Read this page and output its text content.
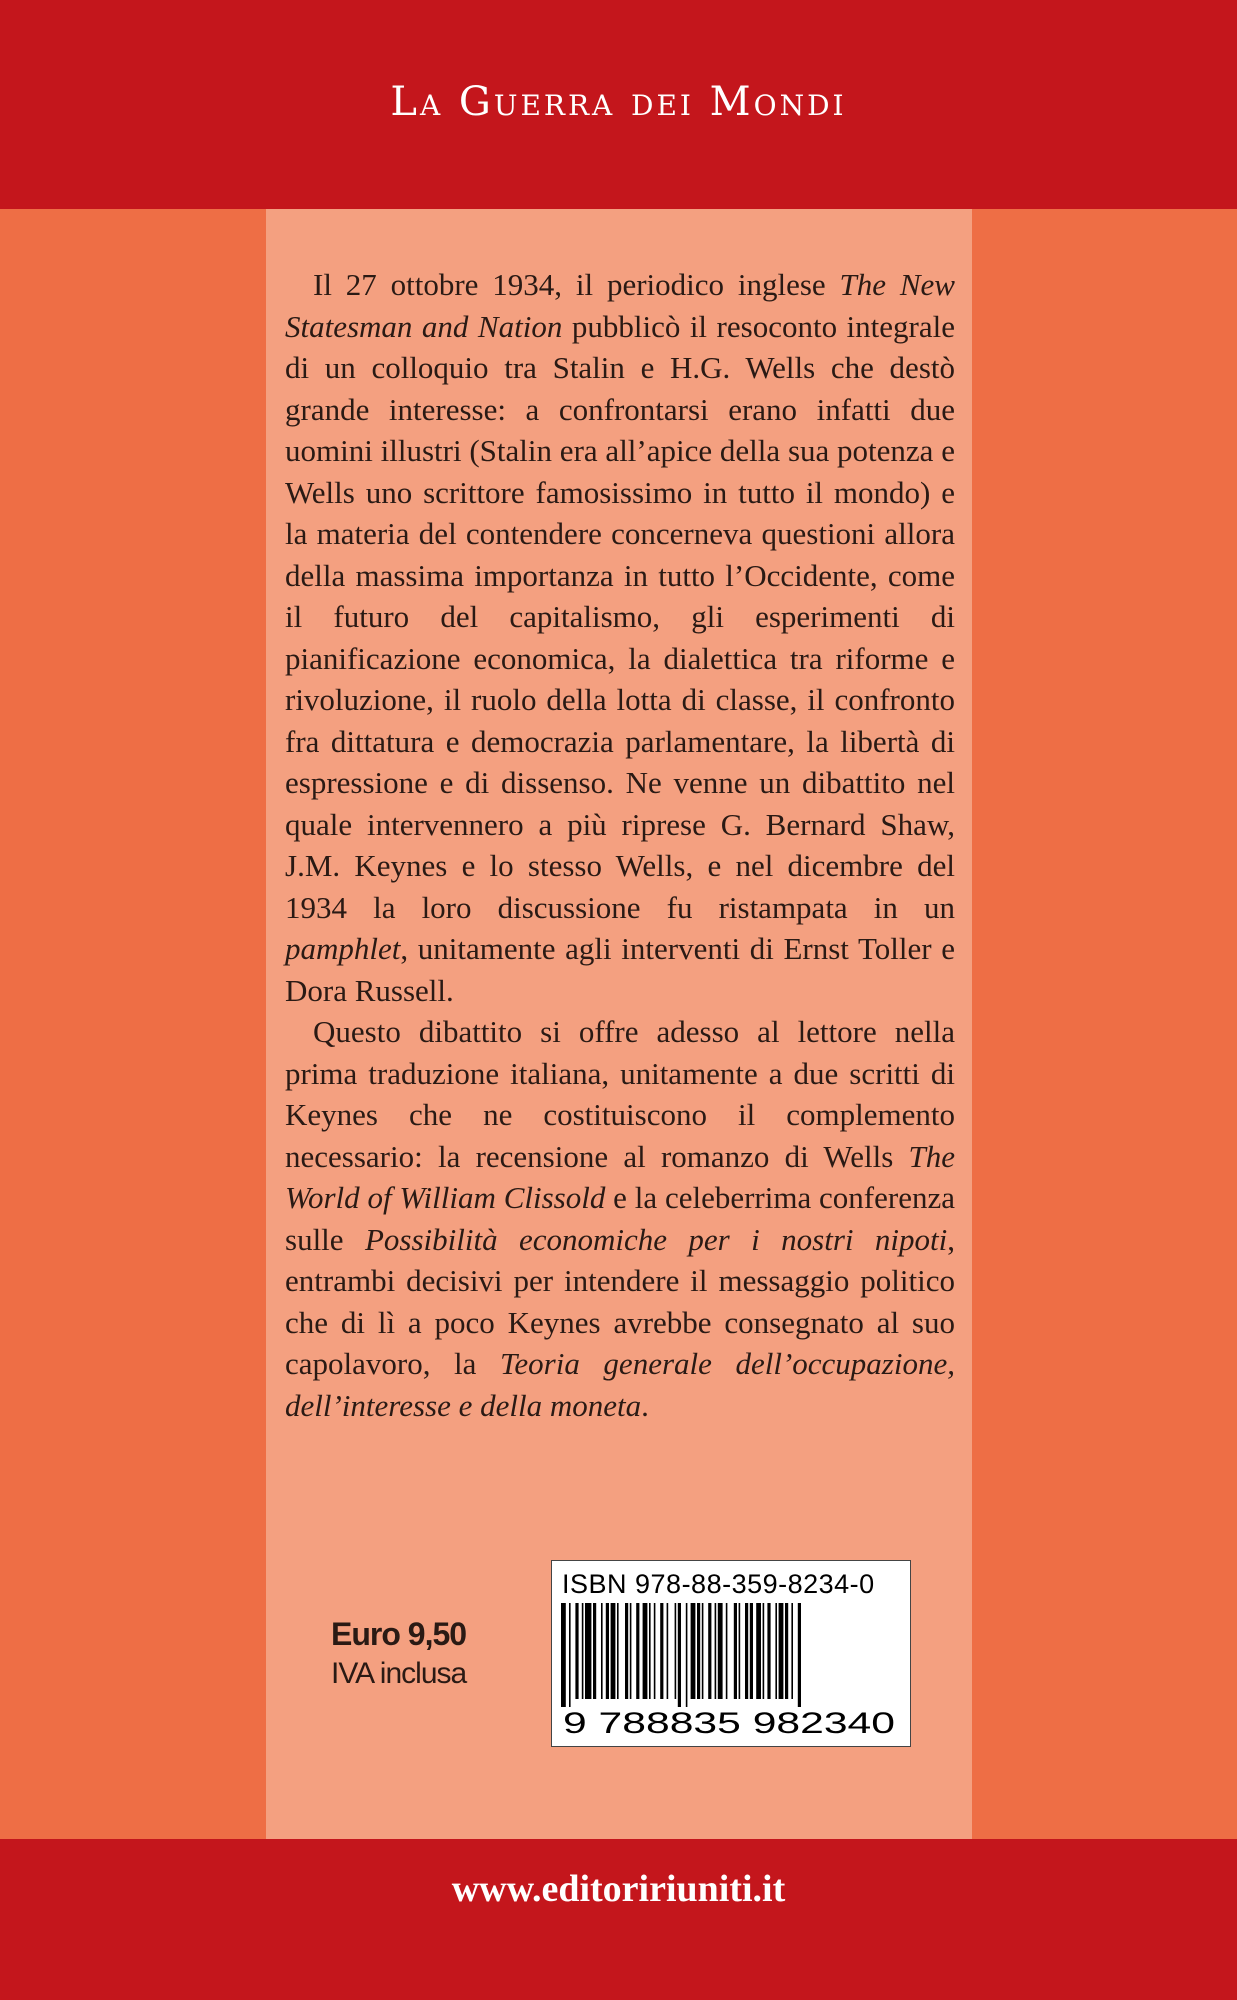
La Guerra dei Mondi

Il 27 ottobre 1934, il periodico inglese The New Statesman and Nation pubblicò il resoconto integrale di un colloquio tra Stalin e H.G. Wells che destò grande interesse: a confrontarsi erano infatti due uomini illustri (Stalin era all’apice della sua potenza e Wells uno scrittore famosissimo in tutto il mondo) e la materia del contendere concerneva questioni allora della massima importanza in tutto l’Occidente, come il futuro del capitalismo, gli esperimenti di pianificazione economica, la dialettica tra riforme e rivoluzione, il ruolo della lotta di classe, il confronto fra dittatura e democrazia parlamentare, la libertà di espressione e di dissenso. Ne venne un dibattito nel quale intervennero a più riprese G. Bernard Shaw, J.M. Keynes e lo stesso Wells, e nel dicembre del 1934 la loro discussione fu ristampata in un pamphlet, unitamente agli interventi di Ernst Toller e Dora Russell.

Questo dibattito si offre adesso al lettore nella prima traduzione italiana, unitamente a due scritti di Keynes che ne costituiscono il complemento necessario: la recensione al romanzo di Wells The World of William Clissold e la celeberrima conferenza sulle Possibilità economiche per i nostri nipoti, entrambi decisivi per intendere il messaggio politico che di lì a poco Keynes avrebbe consegnato al suo capolavoro, la Teoria generale dell’occupazione, dell’interesse e della moneta.

Euro 9,50
IVA inclusa
ISBN 978-88-359-8234-0
9 788835 982340
www.editoririuniti.it
